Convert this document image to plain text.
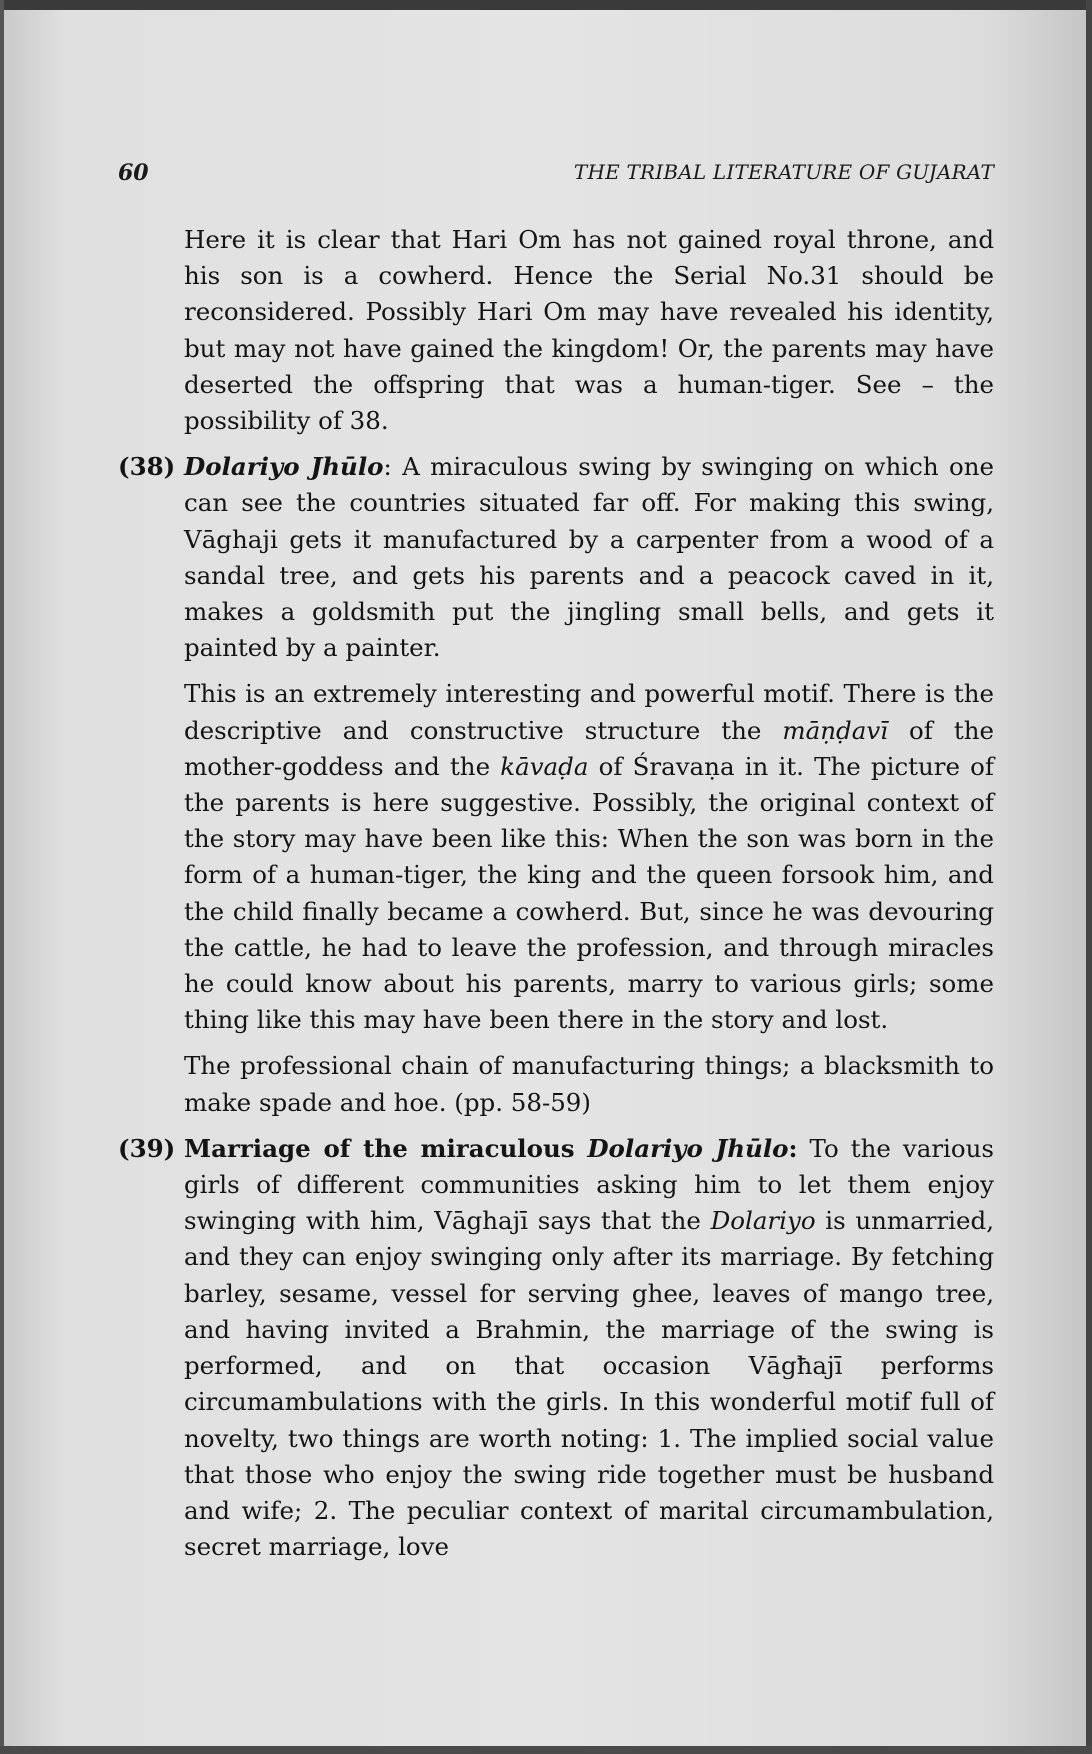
60	THE TRIBAL LITERATURE OF GUJARAT

Here it is clear that Hari Om has not gained royal throne, and his son is a cowherd. Hence the Serial No.31 should be reconsidered. Possibly Hari Om may have revealed his identity, but may not have gained the kingdom! Or, the parents may have deserted the offspring that was a human-tiger. See – the possibility of 38.

(38) Dolariyo Jhūlo: A miraculous swing by swinging on which one can see the countries situated far off. For making this swing, Vāghaji gets it manufactured by a carpenter from a wood of a sandal tree, and gets his parents and a peacock caved in it, makes a goldsmith put the jingling small bells, and gets it painted by a painter.

This is an extremely interesting and powerful motif. There is the descriptive and constructive structure the māṇḍavī of the mother-goddess and the kāvaḍa of Śravaṇa in it. The picture of the parents is here suggestive. Possibly, the original context of the story may have been like this: When the son was born in the form of a human-tiger, the king and the queen forsook him, and the child finally became a cowherd. But, since he was devouring the cattle, he had to leave the profession, and through miracles he could know about his parents, marry to various girls; some thing like this may have been there in the story and lost.

The professional chain of manufacturing things; a blacksmith to make spade and hoe. (pp. 58-59)

(39) Marriage of the miraculous Dolariyo Jhūlo: To the various girls of different communities asking him to let them enjoy swinging with him, Vāghajī says that the Dolariyo is unmarried, and they can enjoy swinging only after its marriage. By fetching barley, sesame, vessel for serving ghee, leaves of mango tree, and having invited a Brahmin, the marriage of the swing is performed, and on that occasion Vāgħajī performs circumambulations with the girls. In this wonderful motif full of novelty, two things are worth noting: 1. The implied social value that those who enjoy the swing ride together must be husband and wife; 2. The peculiar context of marital circumambulation, secret marriage, love
